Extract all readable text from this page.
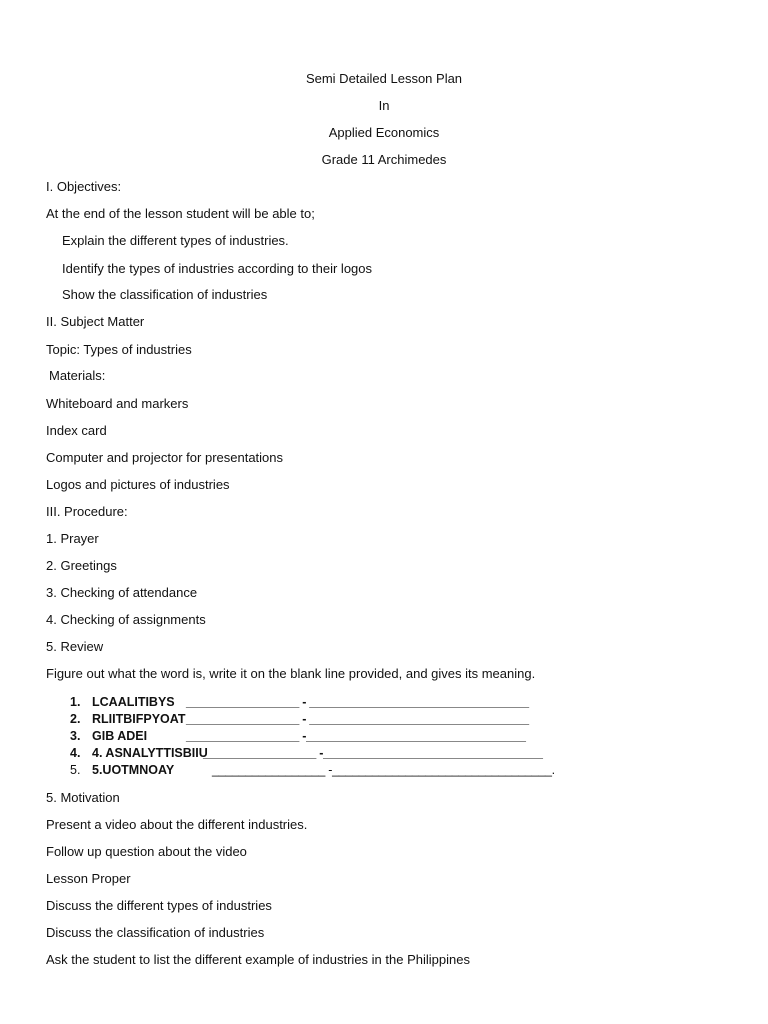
Semi Detailed Lesson Plan
In
Applied Economics
Grade 11 Archimedes
I. Objectives:
At the end of the lesson student will be able to;
Explain the different types of industries.
Identify the types of industries according to their logos
Show the classification of industries
II. Subject Matter
Topic: Types of industries
Materials:
Whiteboard and markers
Index card
Computer and projector for presentations
Logos and pictures of industries
III. Procedure:
1. Prayer
2. Greetings
3. Checking of attendance
4. Checking of assignments
5. Review
Figure out what the word is, write it on the blank line provided, and gives its meaning.
1. LCAALITIBYS _________________ - _________________________________
2. RLIITBIFPYOAT _________________ - _________________________________
3. GIB ADEI	_________________ -_________________________________
4. 4. ASNALYTTISBIIU
_________________ -_________________________________
5. 5.UOTMNOAY	_________________ -_________________________________.
5. Motivation
Present a video about the different industries.
Follow up question about the video
Lesson Proper
Discuss the different types of industries
Discuss the classification of industries
Ask the student to list the different example of industries in the Philippines
